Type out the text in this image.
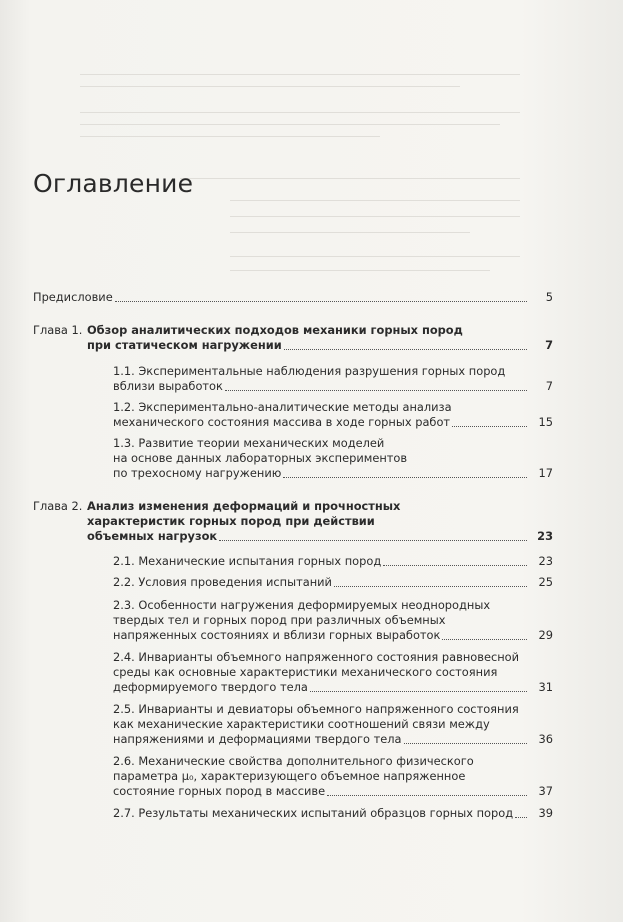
Оглавление
Предисловие	5
Глава 1. Обзор аналитических подходов механики горных пород
при статическом нагружении	7
1.1. Экспериментальные наблюдения разрушения горных пород
вблизи выработок	7
1.2. Экспериментально-аналитические методы анализа
механического состояния массива в ходе горных работ	15
1.3. Развитие теории механических моделей
на основе данных лабораторных экспериментов
по трехосному нагружению	17
Глава 2. Анализ изменения деформаций и прочностных
характеристик горных пород при действии
объемных нагрузок	23
2.1. Механические испытания горных пород	23
2.2. Условия проведения испытаний	25
2.3. Особенности нагружения деформируемых неоднородных
твердых тел и горных пород при различных объемных
напряженных состояниях и вблизи горных выработок	29
2.4. Инварианты объемного напряженного состояния равновесной
среды как основные характеристики механического состояния
деформируемого твердого тела	31
2.5. Инварианты и девиаторы объемного напряженного состояния
как механические характеристики соотношений связи между
напряжениями и деформациями твердого тела	36
2.6. Механические свойства дополнительного физического
параметра μ₀, характеризующего объемное напряженное
состояние горных пород в массиве	37
2.7. Результаты механических испытаний образцов горных пород	39
